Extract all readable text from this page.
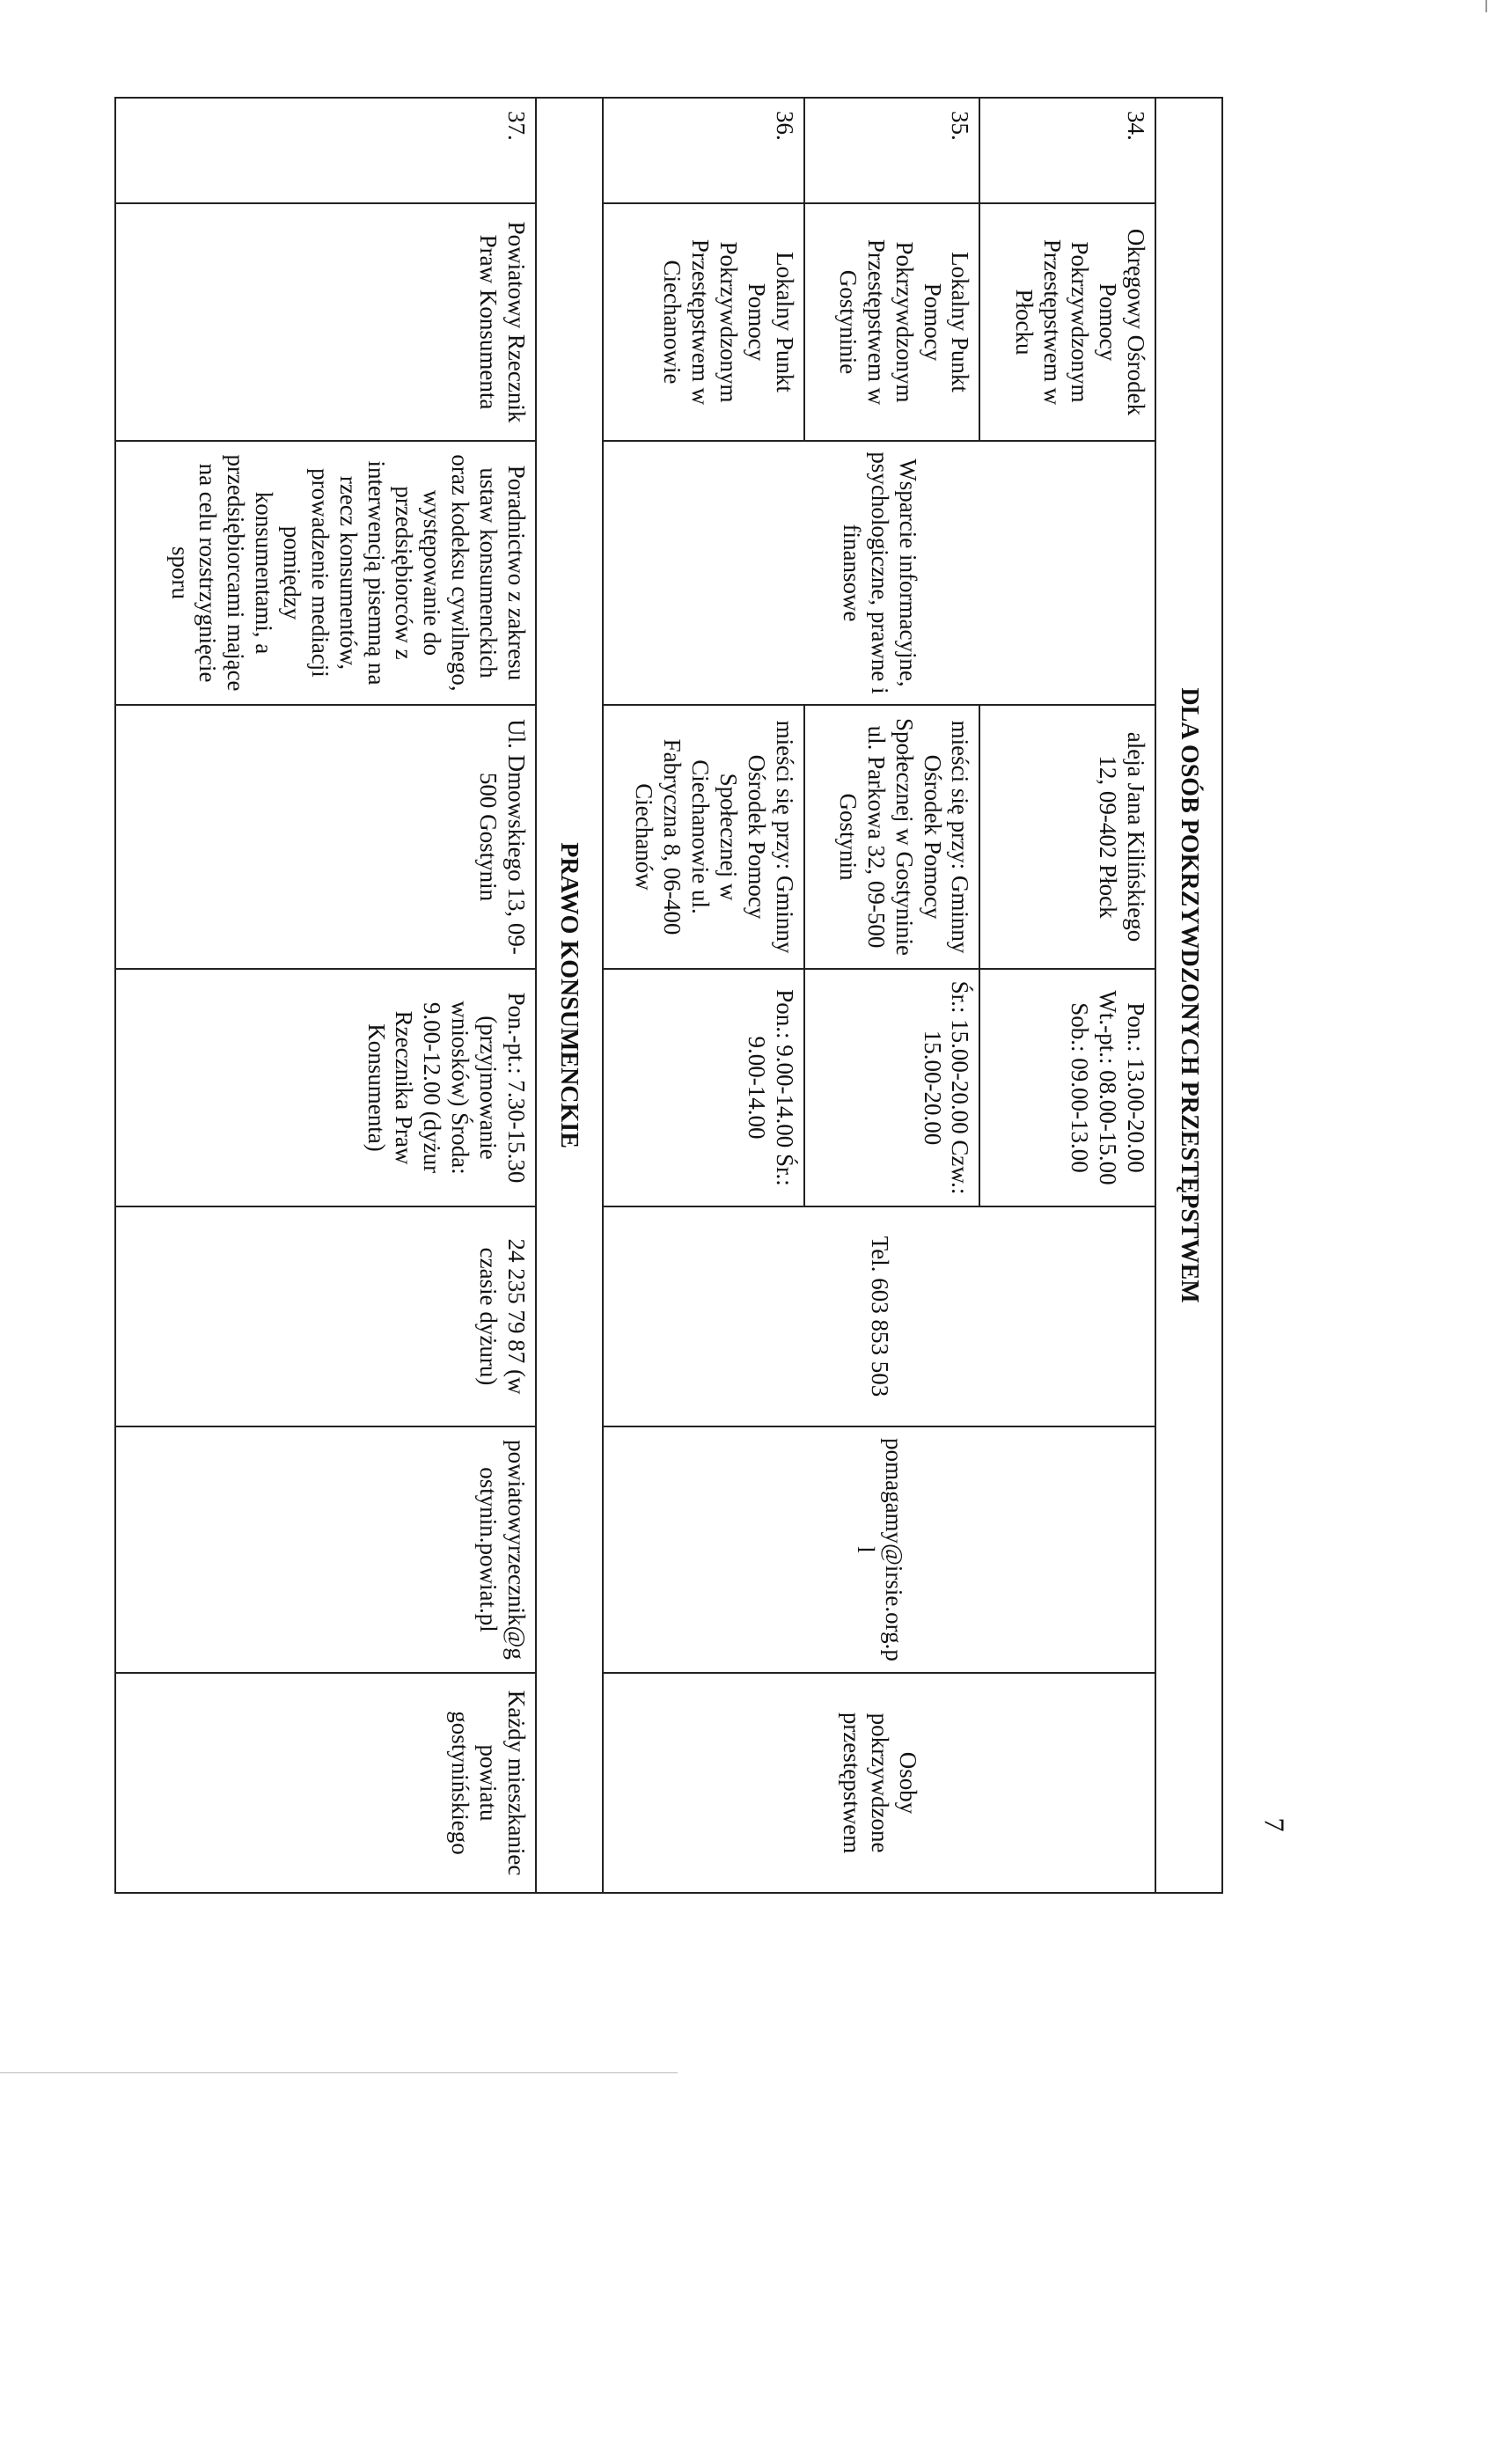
DLA OSÓB POKRZYWDZONYCH PRZESTĘPSTWEM							
34.	Okręgowy Ośrodek Pomocy Pokrzywdzonym Przestępstwem w Płocku	Wsparcie informacyjne, psychologiczne, prawne i finansowe	aleja Jana Kilińskiego 12, 09-402 Płock	Pon.: 13.00-20.00 Wt.-pt.: 08.00-15.00 Sob.: 09.00-13.00	Tel. 603 853 503	pomagamy@irsie.org.pl	Osoby pokrzywdzone przestępstwem
35.	Lokalny Punkt Pomocy Pokrzywdzonym Przestępstwem w Gostyninie		mieści się przy: Gminny Ośrodek Pomocy Społecznej w Gostyninie ul. Parkowa 32, 09-500 Gostynin	Śr.: 15.00-20.00 Czw.: 15.00-20.00			
36.	Lokalny Punkt Pomocy Pokrzywdzonym Przestępstwem w Ciechanowie		mieści się przy: Gminny Ośrodek Pomocy Społecznej w Ciechanowie ul. Fabryczna 8, 06-400 Ciechanów	Pon.: 9.00-14.00 Śr.: 9.00-14.00			
PRAWO KONSUMENCKIE							
37.	Powiatowy Rzecznik Praw Konsumenta	Poradnictwo z zakresu ustaw konsumenckich oraz kodeksu cywilnego, występowanie do przedsiębiorców z interwencją pisemną na rzecz konsumentów, prowadzenie mediacji pomiędzy konsumentami, a przedsiębiorcami mające na celu rozstrzygnięcie sporu	Ul. Dmowskiego 13, 09-500 Gostynin	Pon.-pt.: 7.30-15.30 (przyjmowanie wniosków) Środa: 9.00-12.00 (dyżur Rzecznika Praw Konsumenta)	24 235 79 87 (w czasie dyżuru)	powiatowyrzecznik@gostynin.powiat.pl	Każdy mieszkaniec powiatu gostynińskiego	7
